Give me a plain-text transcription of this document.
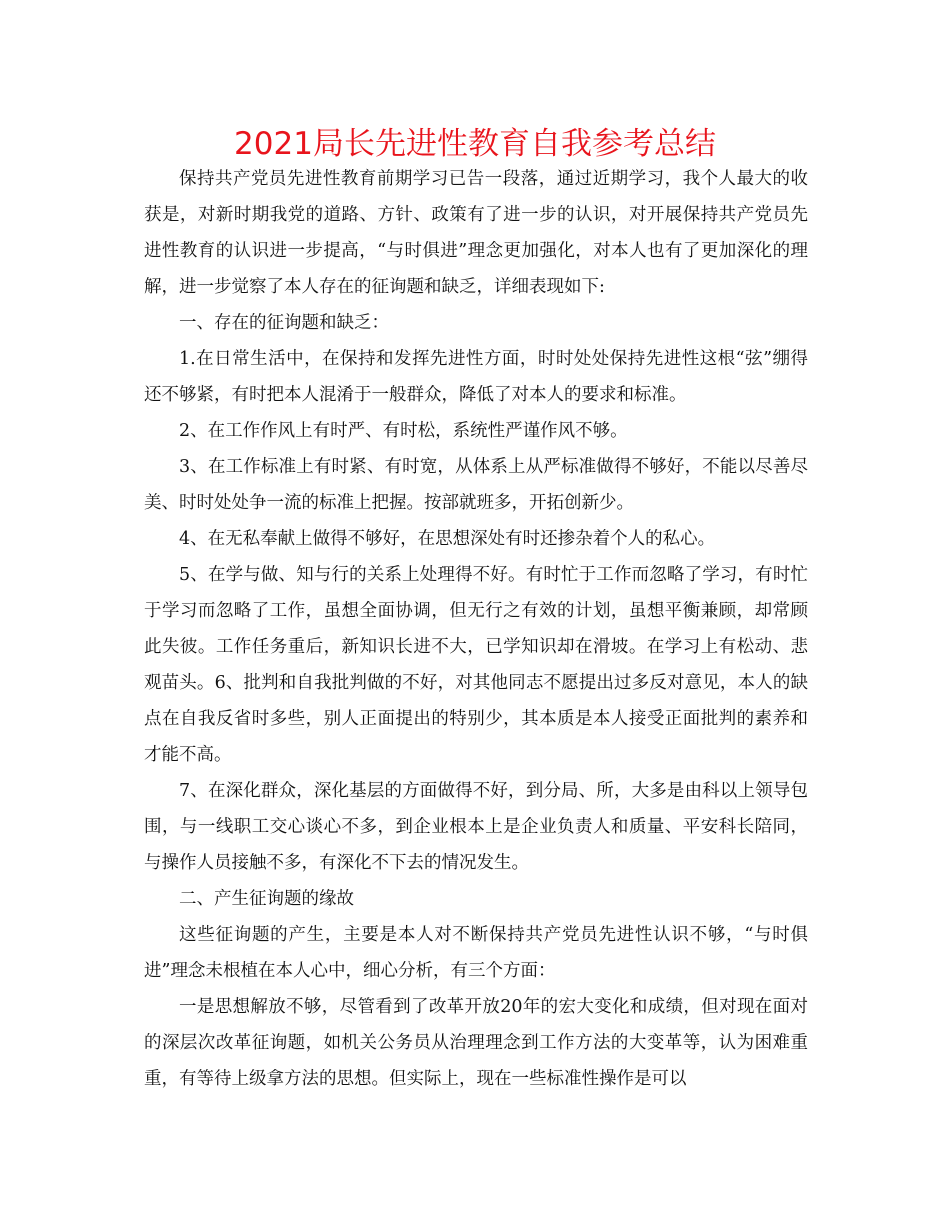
2021局长先进性教育自我参考总结

保持共产党员先进性教育前期学习已告一段落，通过近期学习，我个人最大的收获是，对新时期我党的道路、方针、政策有了进一步的认识，对开展保持共产党员先进性教育的认识进一步提高，“与时俱进”理念更加强化，对本人也有了更加深化的理解，进一步觉察了本人存在的征询题和缺乏，详细表现如下:

一、存在的征询题和缺乏：

1.在日常生活中，在保持和发挥先进性方面，时时处处保持先进性这根“弦”绷得还不够紧，有时把本人混淆于一般群众，降低了对本人的要求和标准。

2、在工作作风上有时严、有时松，系统性严谨作风不够。

3、在工作标准上有时紧、有时宽，从体系上从严标准做得不够好，不能以尽善尽美、时时处处争一流的标准上把握。按部就班多，开拓创新少。

4、在无私奉献上做得不够好，在思想深处有时还掺杂着个人的私心。

5、在学与做、知与行的关系上处理得不好。有时忙于工作而忽略了学习，有时忙于学习而忽略了工作，虽想全面协调，但无行之有效的计划，虽想平衡兼顾，却常顾此失彼。工作任务重后，新知识长进不大，已学知识却在滑坡。在学习上有松动、悲观苗头。6、批判和自我批判做的不好，对其他同志不愿提出过多反对意见，本人的缺点在自我反省时多些，别人正面提出的特别少，其本质是本人接受正面批判的素养和才能不高。

7、在深化群众，深化基层的方面做得不好，到分局、所，大多是由科以上领导包围，与一线职工交心谈心不多，到企业根本上是企业负责人和质量、平安科长陪同，与操作人员接触不多，有深化不下去的情况发生。

二、产生征询题的缘故

这些征询题的产生，主要是本人对不断保持共产党员先进性认识不够，“与时俱进”理念未根植在本人心中，细心分析，有三个方面：

一是思想解放不够，尽管看到了改革开放20年的宏大变化和成绩，但对现在面对的深层次改革征询题，如机关公务员从治理理念到工作方法的大变革等，认为困难重重，有等待上级拿方法的思想。但实际上，现在一些标准性操作是可以
